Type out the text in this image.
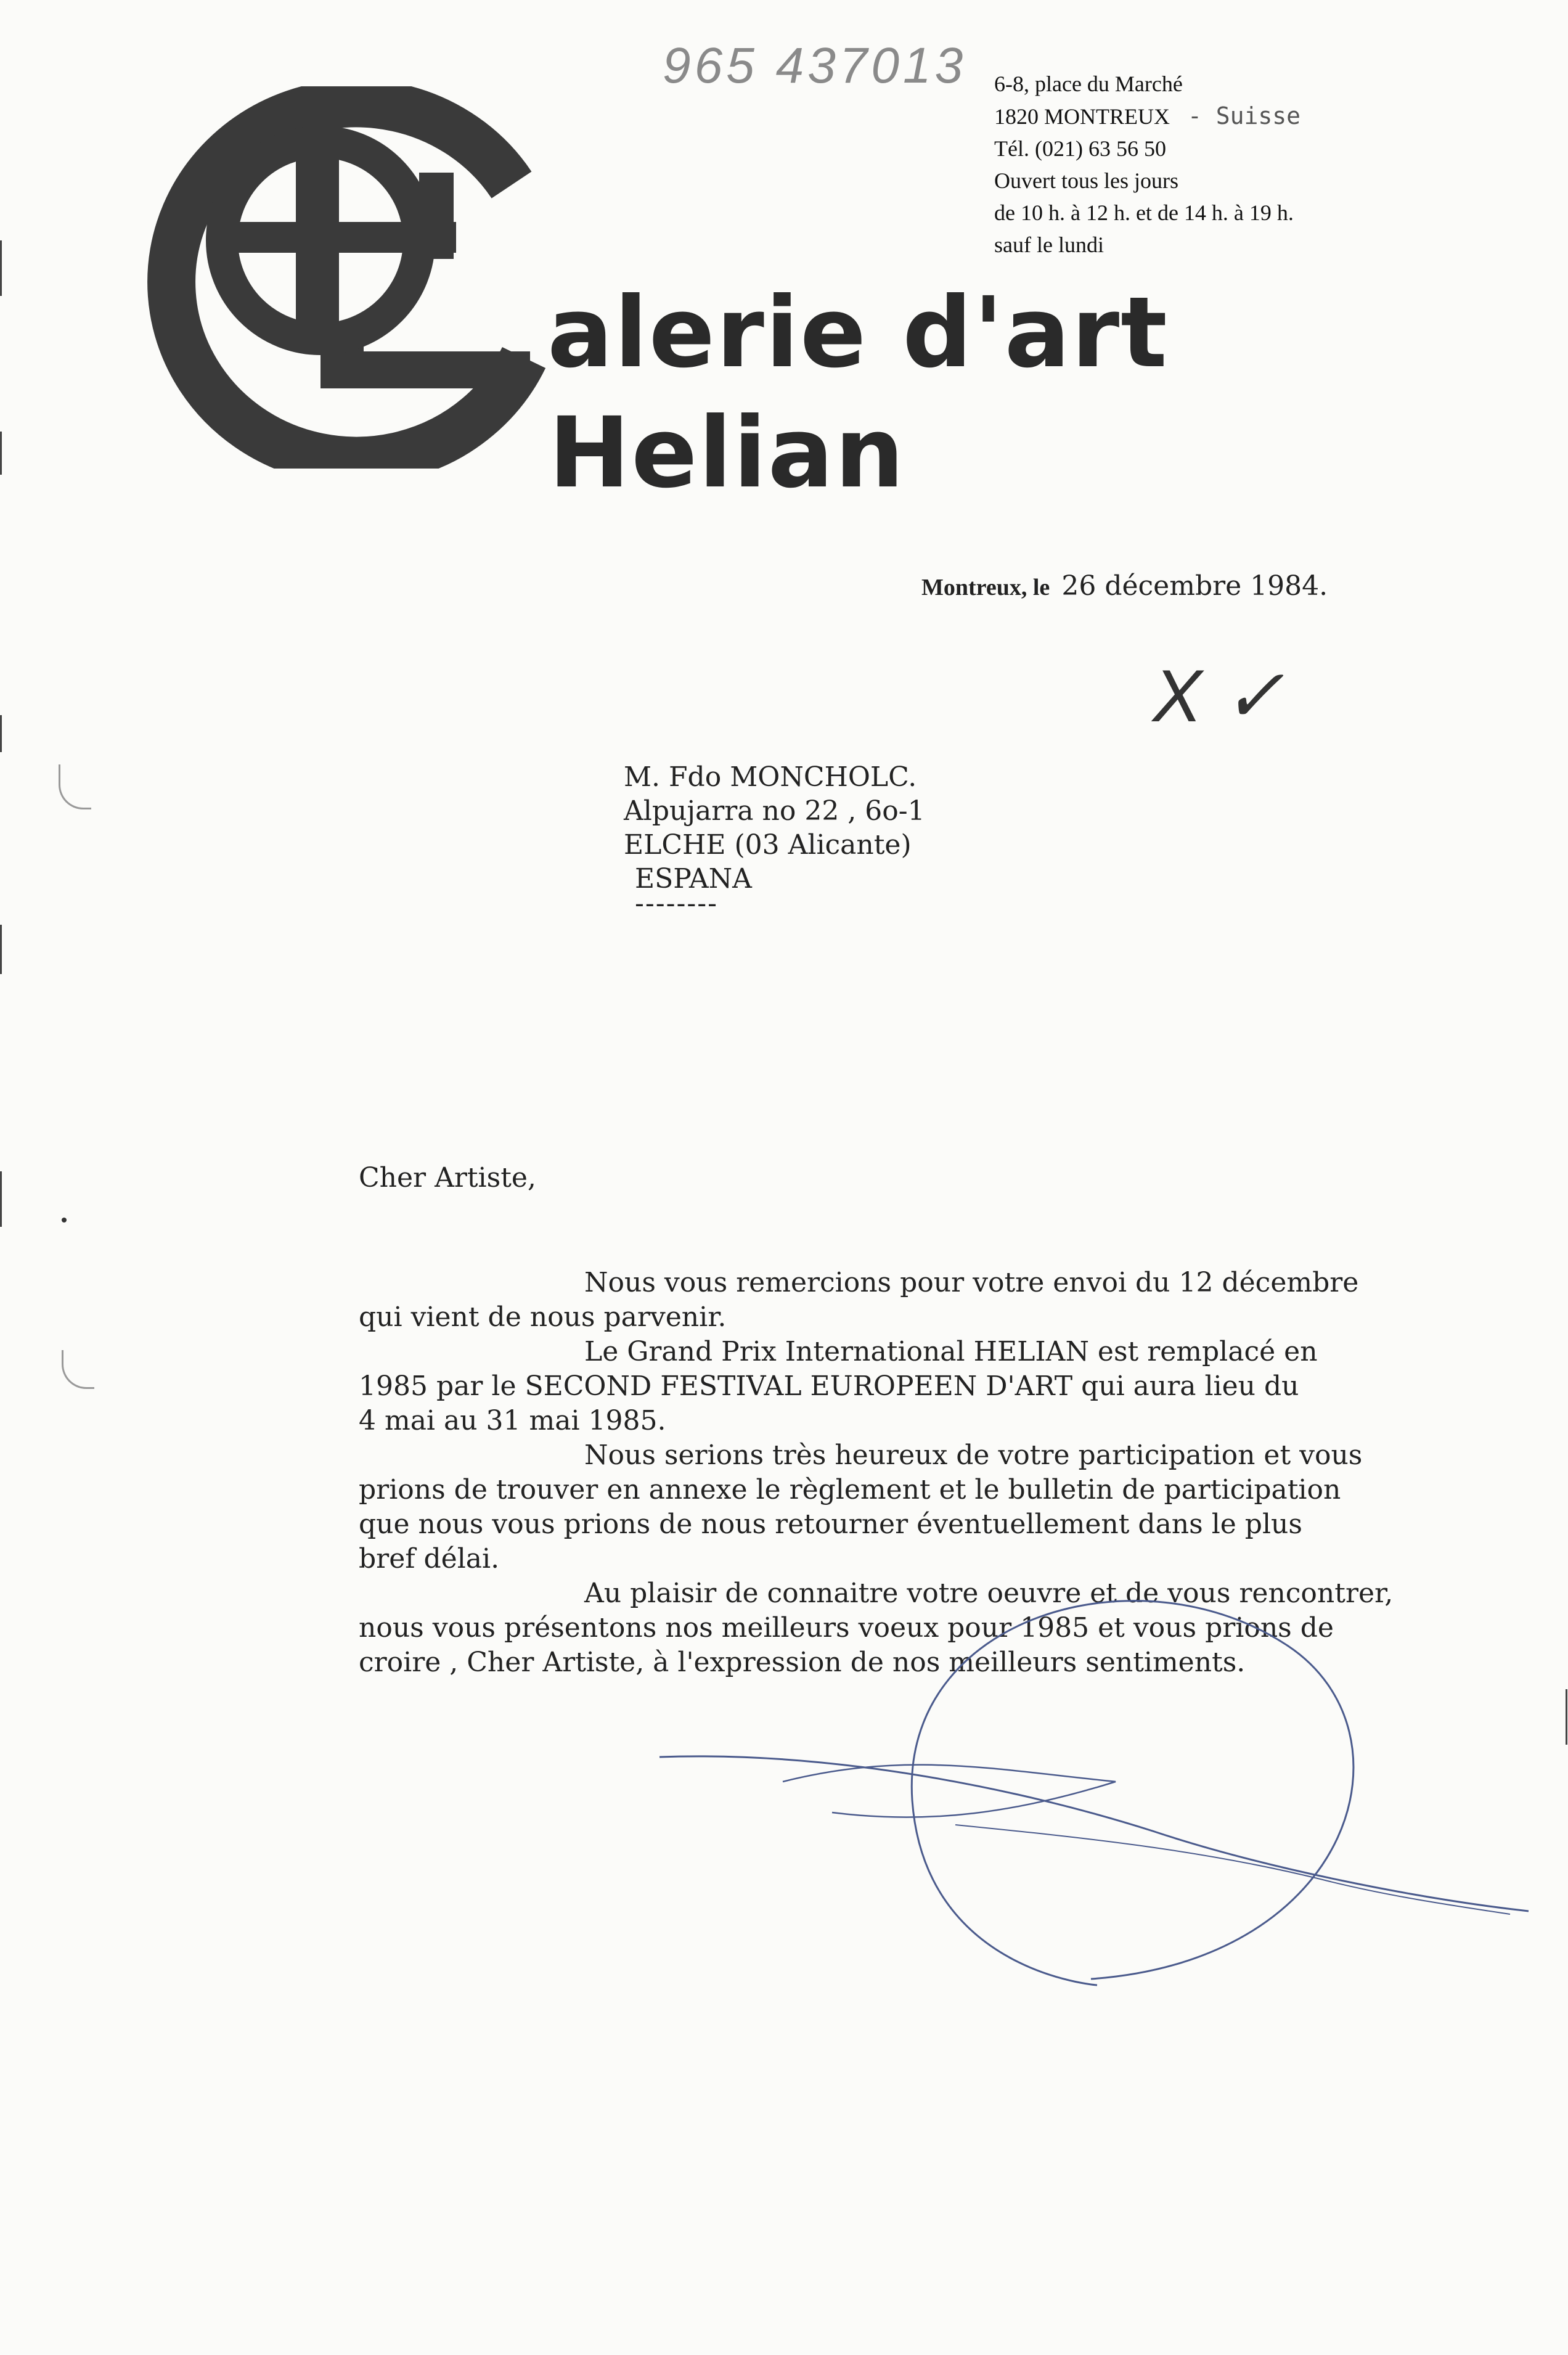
965 437013 6-8, place du Marché
1820 MONTREUX - Suisse
Tél. (021) 63 56 50
Ouvert tous les jours
de 10 h. à 12 h. et de 14 h. à 19 h.
sauf le lundi
alerie d'art
Helian
Montreux, le 26 décembre 1984.
X ✓
M. Fdo MONCHOLC.
Alpujarra no 22 , 6o-1
ELCHE (03 Alicante)
ESPANA
--------
Cher Artiste,

Nous vous remercions pour votre envoi du 12 décembre

qui vient de nous parvenir.

Le Grand Prix International HELIAN est remplacé en

1985 par le SECOND FESTIVAL EUROPEEN D'ART qui aura lieu du

4 mai au 31 mai 1985.

Nous serions très heureux de votre participation et vous

prions de trouver en annexe le règlement et le bulletin de participation

que nous vous prions de nous retourner éventuellement dans le plus

bref délai.

Au plaisir de connaitre votre oeuvre et de vous rencontrer,

nous vous présentons nos meilleurs voeux pour 1985 et vous prions de

croire , Cher Artiste, à l'expression de nos meilleurs sentiments.
